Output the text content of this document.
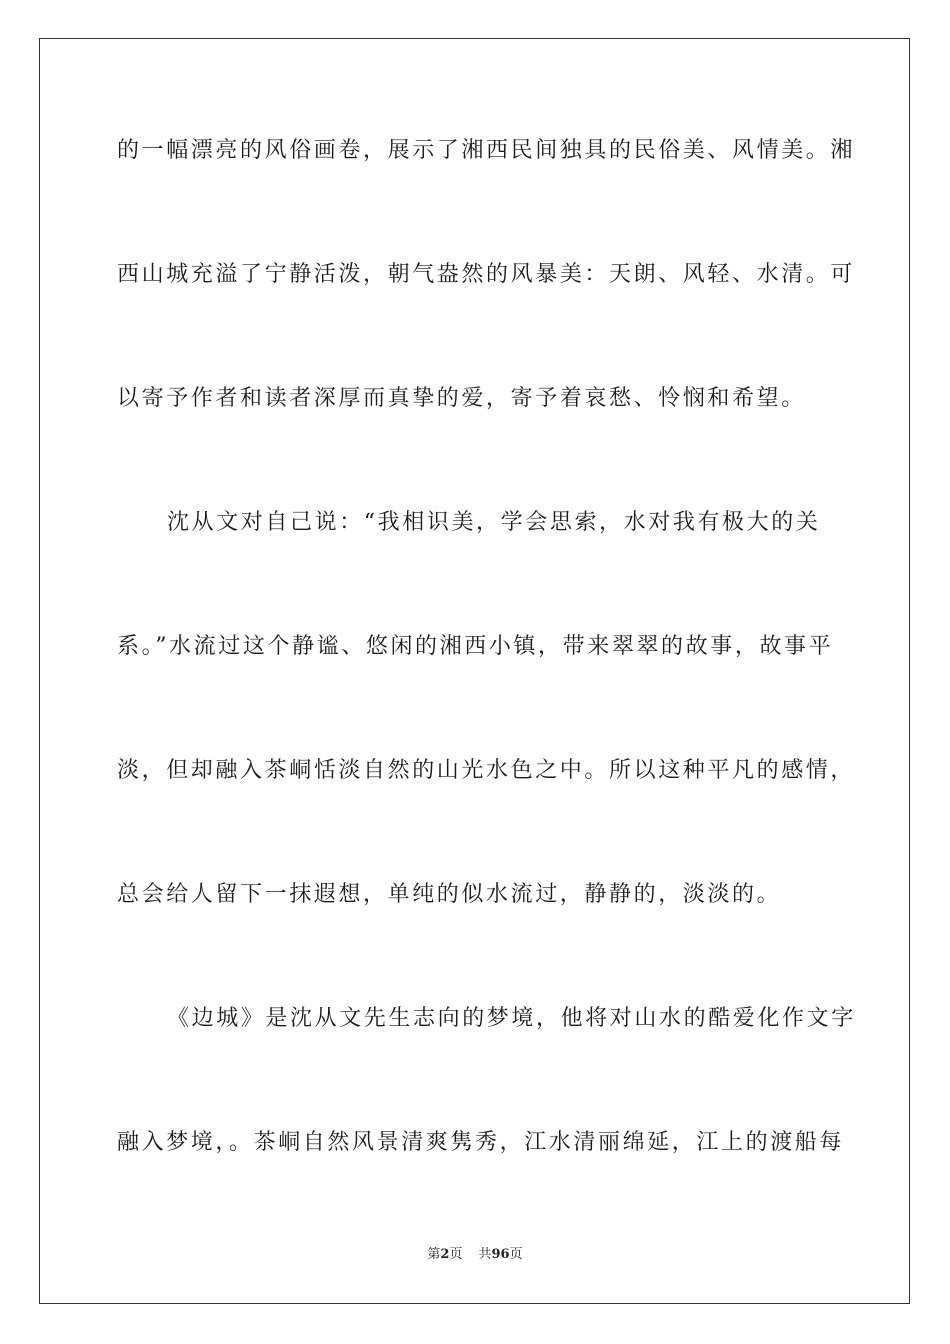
的一幅漂亮的风俗画卷，展示了湘西民间独具的民俗美、风情美。湘
西山城充溢了宁静活泼，朝气盎然的风暴美：天朗、风轻、水清。可
以寄予作者和读者深厚而真挚的爱，寄予着哀愁、怜悯和希望。
沈从文对自己说：“我相识美，学会思索，水对我有极大的关
系。”水流过这个静谧、悠闲的湘西小镇，带来翠翠的故事，故事平
淡，但却融入茶峒恬淡自然的山光水色之中。所以这种平凡的感情，
总会给人留下一抹遐想，单纯的似水流过，静静的，淡淡的。
《边城》是沈从文先生志向的梦境，他将对山水的酷爱化作文字
融入梦境，。茶峒自然风景清爽隽秀，江水清丽绵延，江上的渡船每
第2页 共96页
